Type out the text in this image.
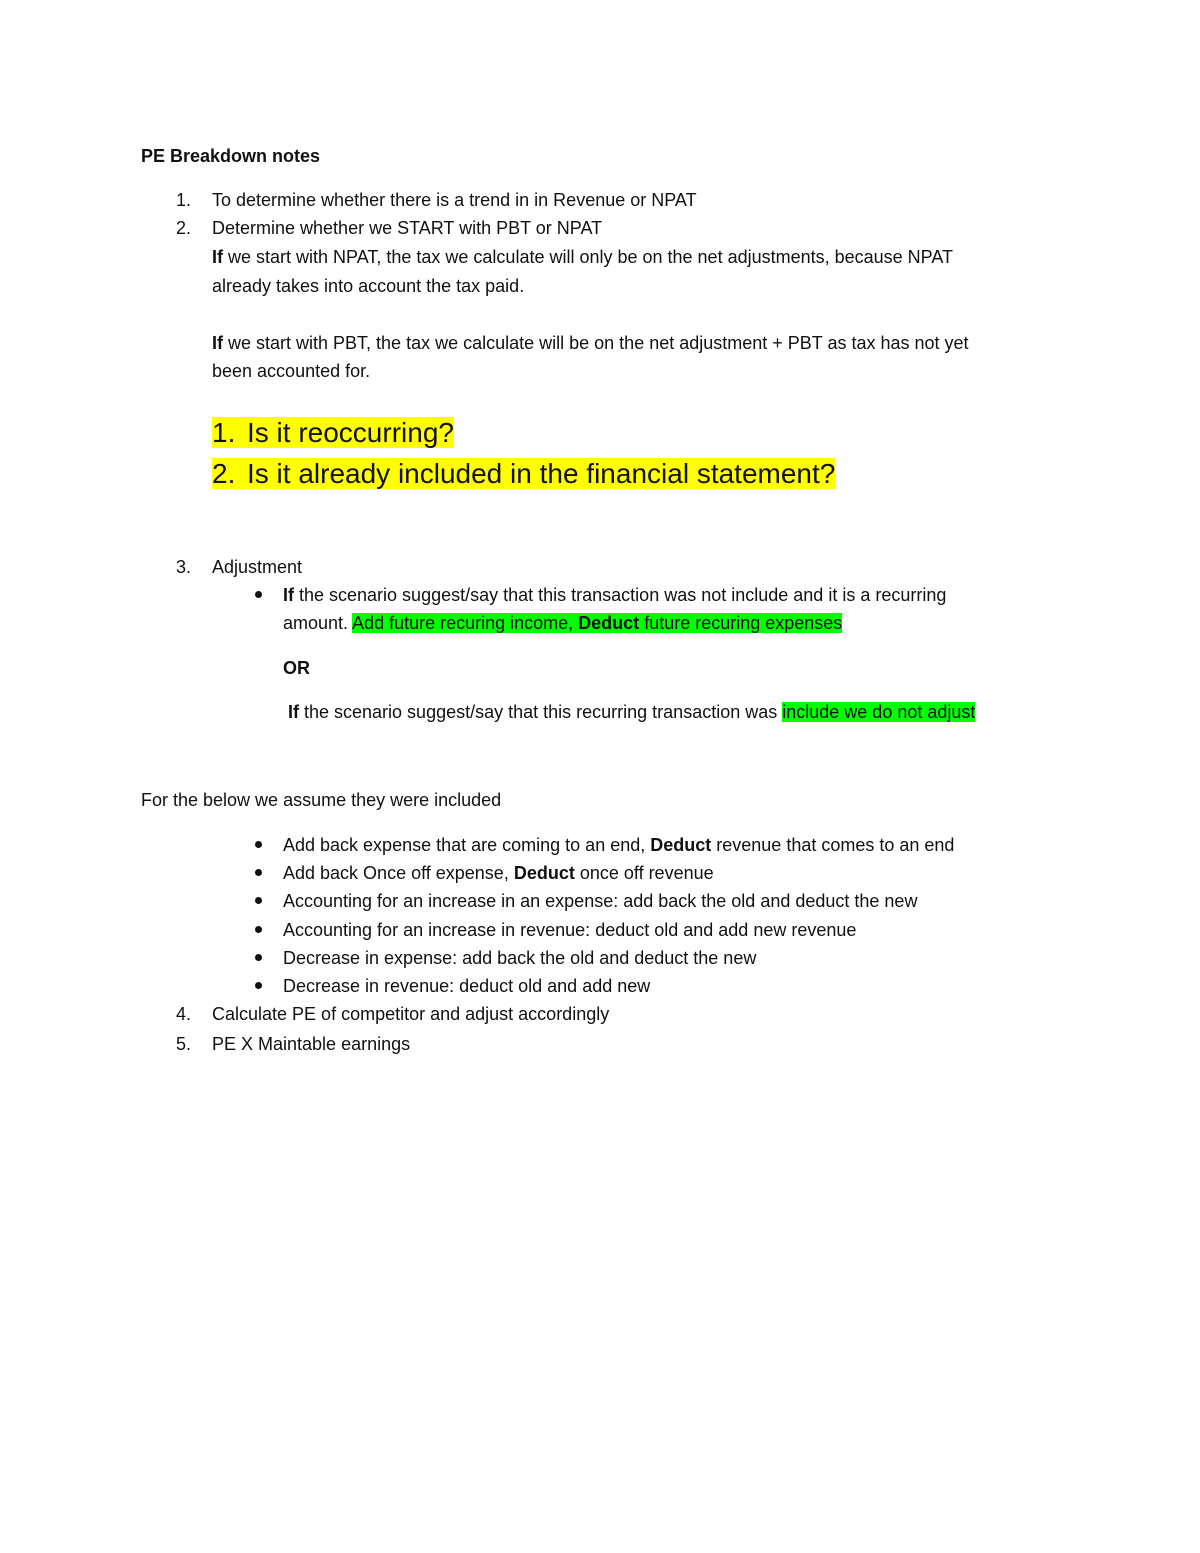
PE Breakdown notes
1. To determine whether there is a trend in in Revenue or NPAT
2. Determine whether we START with PBT or NPAT
If we start with NPAT, the tax we calculate will only be on the net adjustments, because NPAT
already takes into account the tax paid.
If we start with PBT, the tax we calculate will be on the net adjustment + PBT as tax has not yet
been accounted for.
1. Is it reoccurring?
2. Is it already included in the financial statement?
3. Adjustment
If the scenario suggest/say that this transaction was not include and it is a recurring
amount. Add future recuring income, Deduct future recuring expenses
OR
If the scenario suggest/say that this recurring transaction was include we do not adjust
For the below we assume they were included
Add back expense that are coming to an end, Deduct revenue that comes to an end
Add back Once off expense, Deduct once off revenue
Accounting for an increase in an expense: add back the old and deduct the new
Accounting for an increase in revenue: deduct old and add new revenue
Decrease in expense: add back the old and deduct the new
Decrease in revenue: deduct old and add new
4. Calculate PE of competitor and adjust accordingly
5. PE X Maintable earnings
